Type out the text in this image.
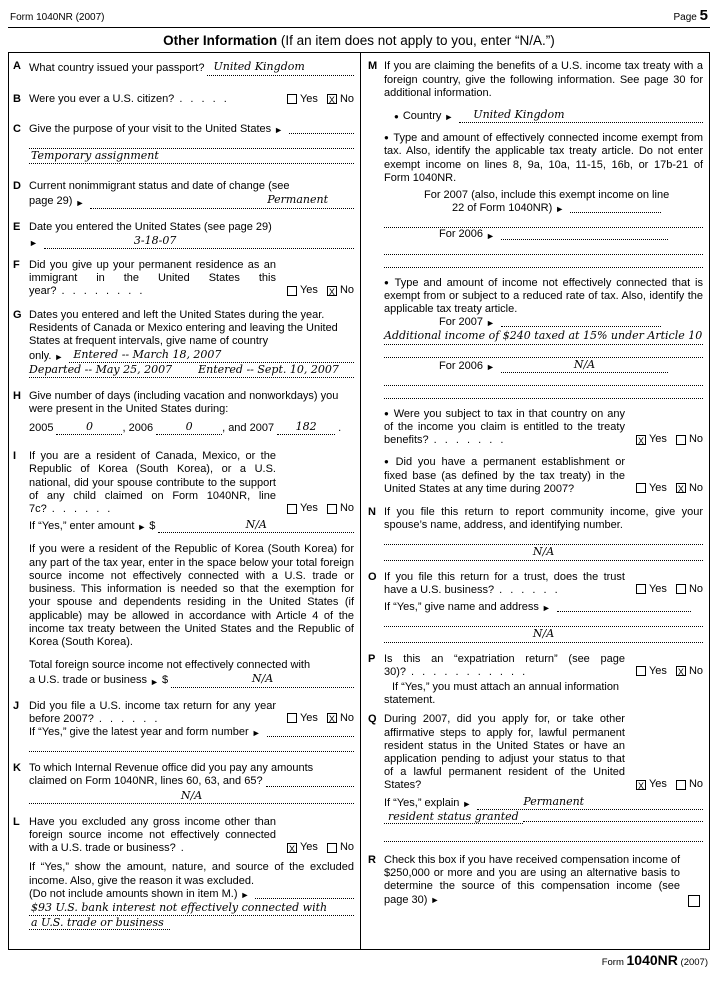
Form 1040NR (2007)	Page 5
Other Information (If an item does not apply to you, enter “N/A.”)
A What country issued your passport? United Kingdom
B Were you ever a U.S. citizen? . . . . .	Yes X No
C Give the purpose of your visit to the United States ►
Temporary assignment
D Current nonimmigrant status and date of change (see
page 29) ►	Permanent
E Date you entered the United States (see page 29)
►	3-18-07
F Did you give up your permanent residence as an immigrant in the United States this year? . . . . . . . .	Yes X No
G Dates you entered and left the United States during the year. Residents of Canada or Mexico entering and leaving the United States at frequent intervals, give name of country
only. ► Entered -- March 18, 2007
Departed -- May 25, 2007 Entered -- Sept. 10, 2007
H Give number of days (including vacation and nonworkdays) you were present in the United States during:
2005	0	, 2006	0	, and 2007	182	.
I	If you are a resident of Canada, Mexico, or the Republic of Korea (South Korea), or a U.S. national, did your spouse contribute to the support of any child claimed on Form 1040NR, line 7c? . . . . . .	Yes No
If “Yes,” enter amount ► $	N/A
If you were a resident of the Republic of Korea (South Korea) for any part of the tax year, enter in the space below your total foreign source income not effectively connected with a U.S. trade or business. This information is needed so that the exemption for your spouse and dependents residing in the United States (if applicable) may be allowed in accordance with Article 4 of the income tax treaty between the United States and the Republic of Korea (South Korea).
Total foreign source income not effectively connected with
a U.S. trade or business ► $	N/A
J Did you file a U.S. income tax return for any year before 2007? . . . . . .	Yes X No
If “Yes,” give the latest year and form number ►
K To which Internal Revenue office did you pay any amounts
claimed on Form 1040NR, lines 60, 63, and 65?
N/A
L Have you excluded any gross income other than foreign source income not effectively connected with a U.S. trade or business? .	X Yes No
If “Yes,” show the amount, nature, and source of the excluded income. Also, give the reason it was excluded.
(Do not include amounts shown in item M.) ►
$93 U.S. bank interest not effectively connected with
a U.S. trade or business
M If you are claiming the benefits of a U.S. income tax treaty with a foreign country, give the following information. See page 30 for additional information.
● Country ►	United Kingdom
● Type and amount of effectively connected income exempt from tax. Also, identify the applicable tax treaty article. Do not enter exempt income on lines 8, 9a, 10a, 11-15, 16b, or 17b-21 of Form 1040NR.
For 2007 (also, include this exempt income on line
22 of Form 1040NR) ►
For 2006 ►
● Type and amount of income not effectively connected that is exempt from or subject to a reduced rate of tax. Also, identify the applicable tax treaty article.
For 2007 ►
Additional income of $240 taxed at 15% under Article 10
For 2006 ►	N/A
● Were you subject to tax in that country on any of the income you claim is entitled to the treaty benefits? . . . . . . .	X Yes No
● Did you have a permanent establishment or fixed base (as defined by the tax treaty) in the United States at any time during 2007?	Yes X No
N If you file this return to report community income, give your spouse’s name, address, and identifying number.
N/A
O If you file this return for a trust, does the trust have a U.S. business? . . . . . .	Yes No
If “Yes,” give name and address ►
N/A
P Is this an “expatriation return” (see page 30)? . . . . . . . . . . .	Yes X No
If “Yes,” you must attach an annual information statement.
Q During 2007, did you apply for, or take other affirmative steps to apply for, lawful permanent resident status in the United States or have an application pending to adjust your status to that of a lawful permanent resident of the United States?	X Yes No
If “Yes,” explain ►	Permanent
resident status granted
R Check this box if you have received compensation income of $250,000 or more and you are using an alternative basis to determine the source of this compensation income (see page 30) ►
Form 1040NR (2007)
